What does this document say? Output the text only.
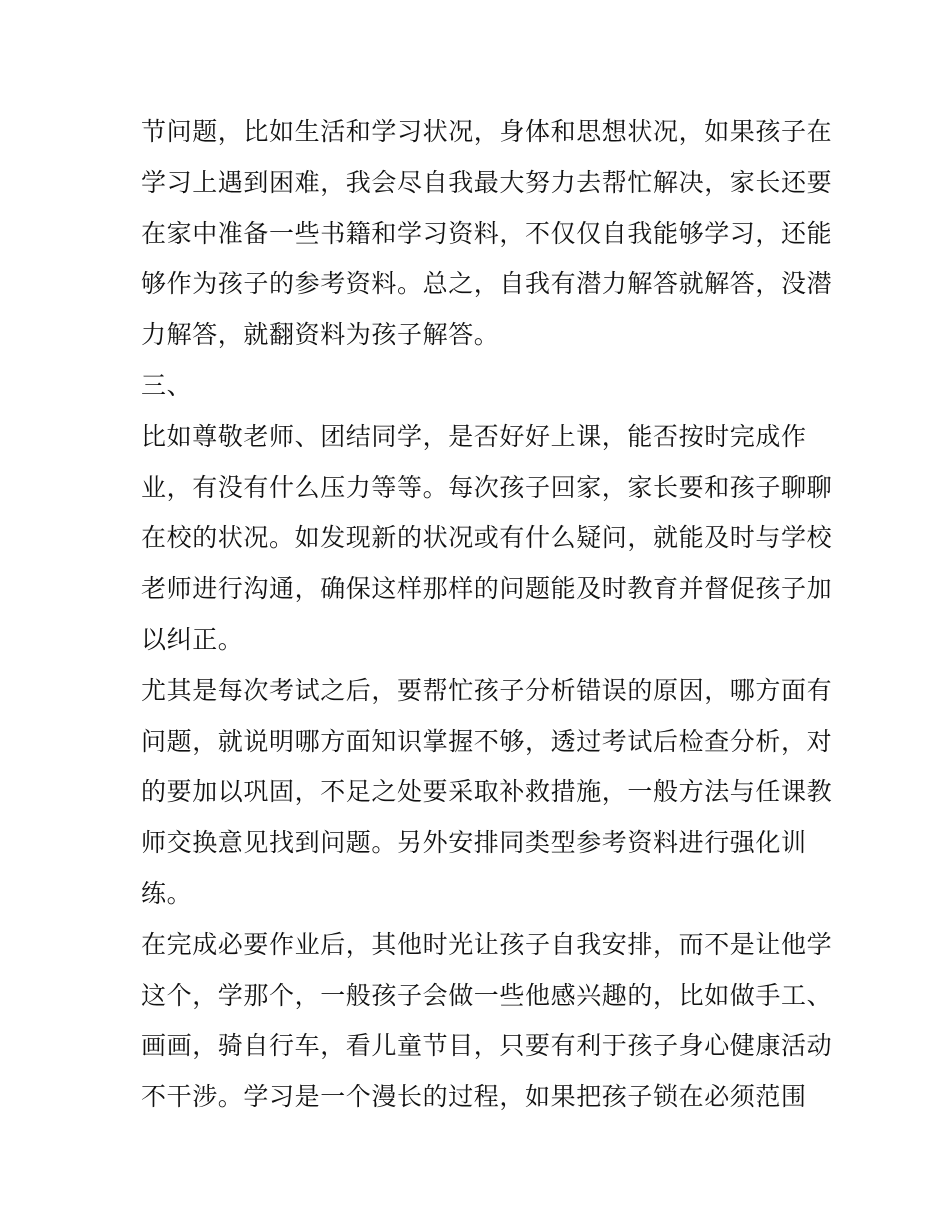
节问题，比如生活和学习状况，身体和思想状况，如果孩子在
学习上遇到困难，我会尽自我最大努力去帮忙解决，家长还要
在家中准备一些书籍和学习资料，不仅仅自我能够学习，还能
够作为孩子的参考资料。总之，自我有潜力解答就解答，没潜
力解答，就翻资料为孩子解答。
三、
比如尊敬老师、团结同学，是否好好上课，能否按时完成作
业，有没有什么压力等等。每次孩子回家，家长要和孩子聊聊
在校的状况。如发现新的状况或有什么疑问，就能及时与学校
老师进行沟通，确保这样那样的问题能及时教育并督促孩子加
以纠正。
尤其是每次考试之后，要帮忙孩子分析错误的原因，哪方面有
问题，就说明哪方面知识掌握不够，透过考试后检查分析，对
的要加以巩固，不足之处要采取补救措施，一般方法与任课教
师交换意见找到问题。另外安排同类型参考资料进行强化训
练。
在完成必要作业后，其他时光让孩子自我安排，而不是让他学
这个，学那个，一般孩子会做一些他感兴趣的，比如做手工、
画画，骑自行车，看儿童节目，只要有利于孩子身心健康活动
不干涉。学习是一个漫长的过程，如果把孩子锁在必须范围
